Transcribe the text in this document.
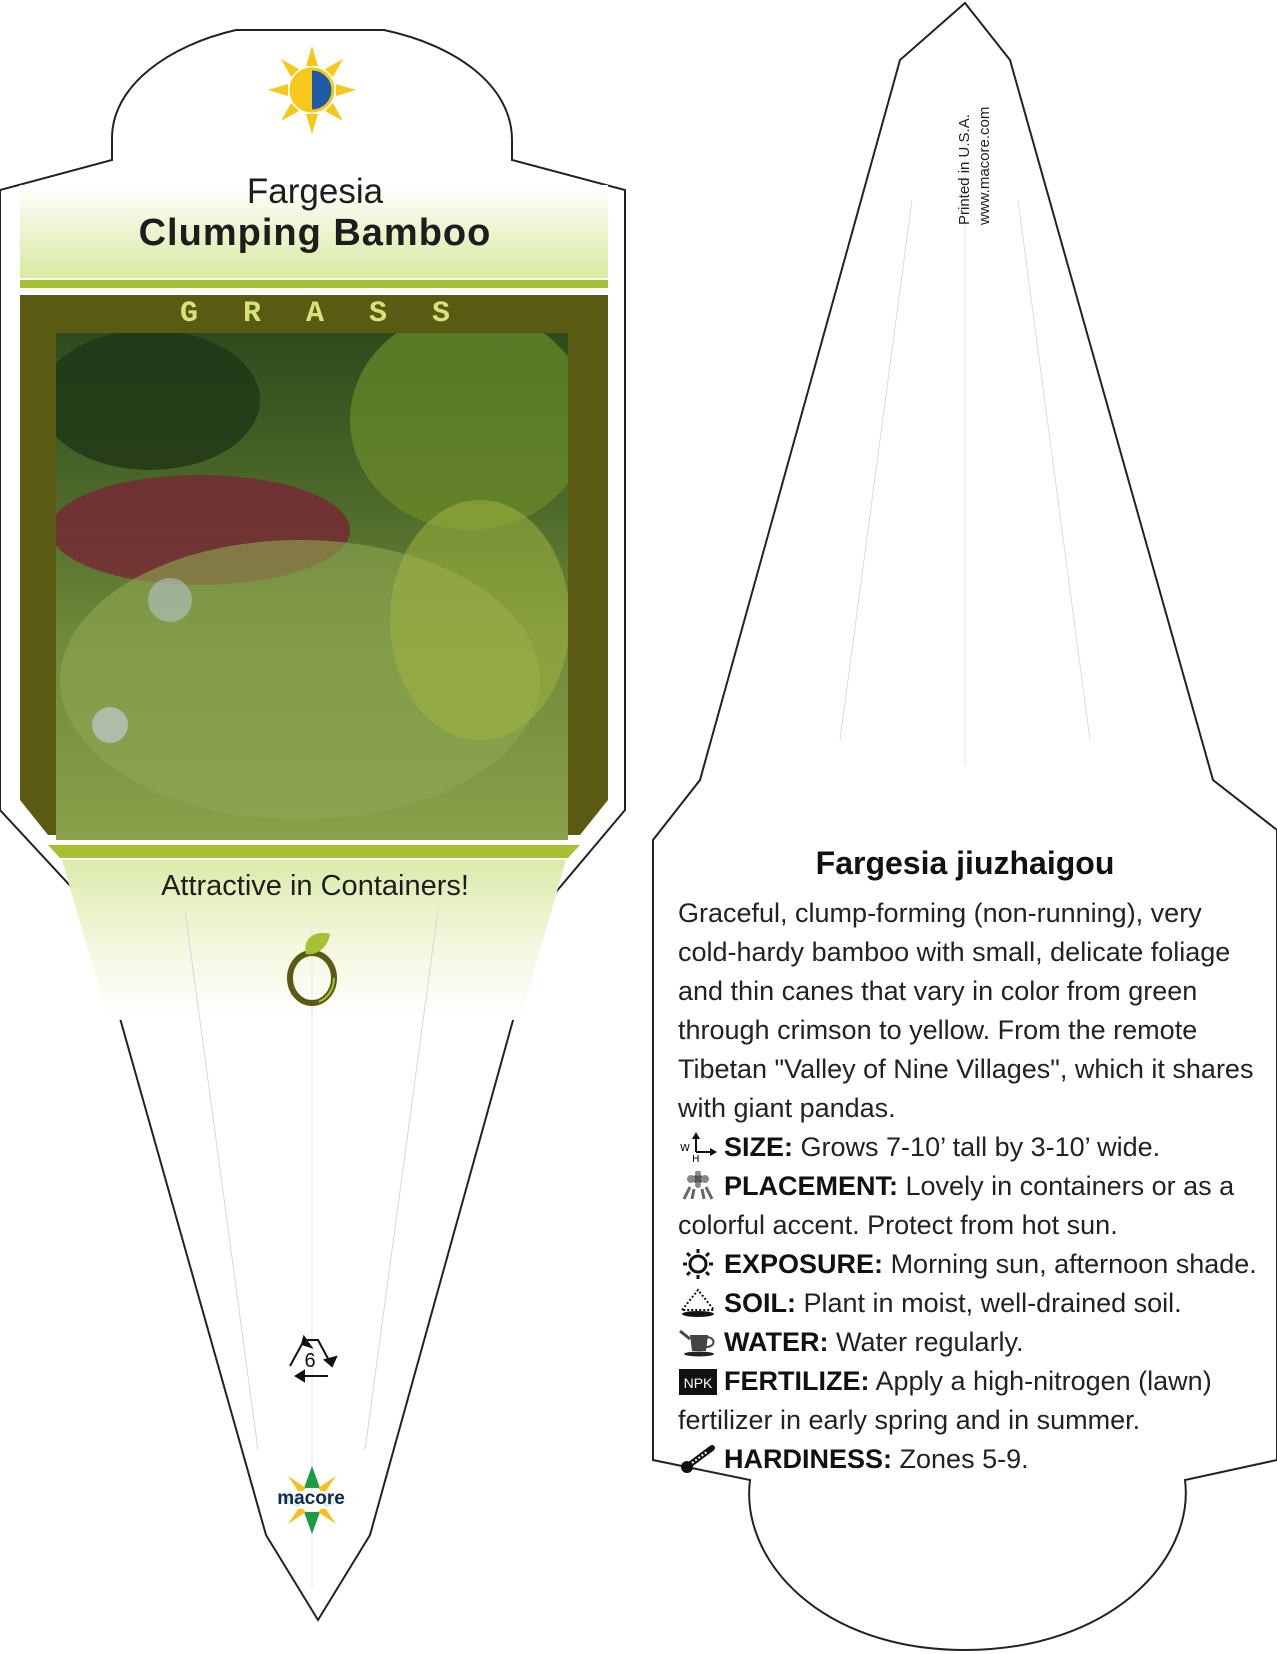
Fargesia
Clumping Bamboo
G R A S S
Attractive in Containers!
6
macore
Printed in U.S.A. www.macore.com
Fargesia jiuzhaigou

Graceful, clump-forming (non-running), very cold-hardy bamboo with small, delicate foliage and thin canes that vary in color from green through crimson to yellow. From the remote Tibetan "Valley of Nine Villages", which it shares with giant pandas.

W
H SIZE: Grows 7-10’ tall by 3-10’ wide.

PLACEMENT: Lovely in containers or as a colorful accent. Protect from hot sun.

EXPOSURE: Morning sun, afternoon shade.

SOIL: Plant in moist, well-drained soil.

WATER: Water regularly.

NPK FERTILIZE: Apply a high-nitrogen (lawn) fertilizer in early spring and in summer.

HARDINESS: Zones 5-9.
